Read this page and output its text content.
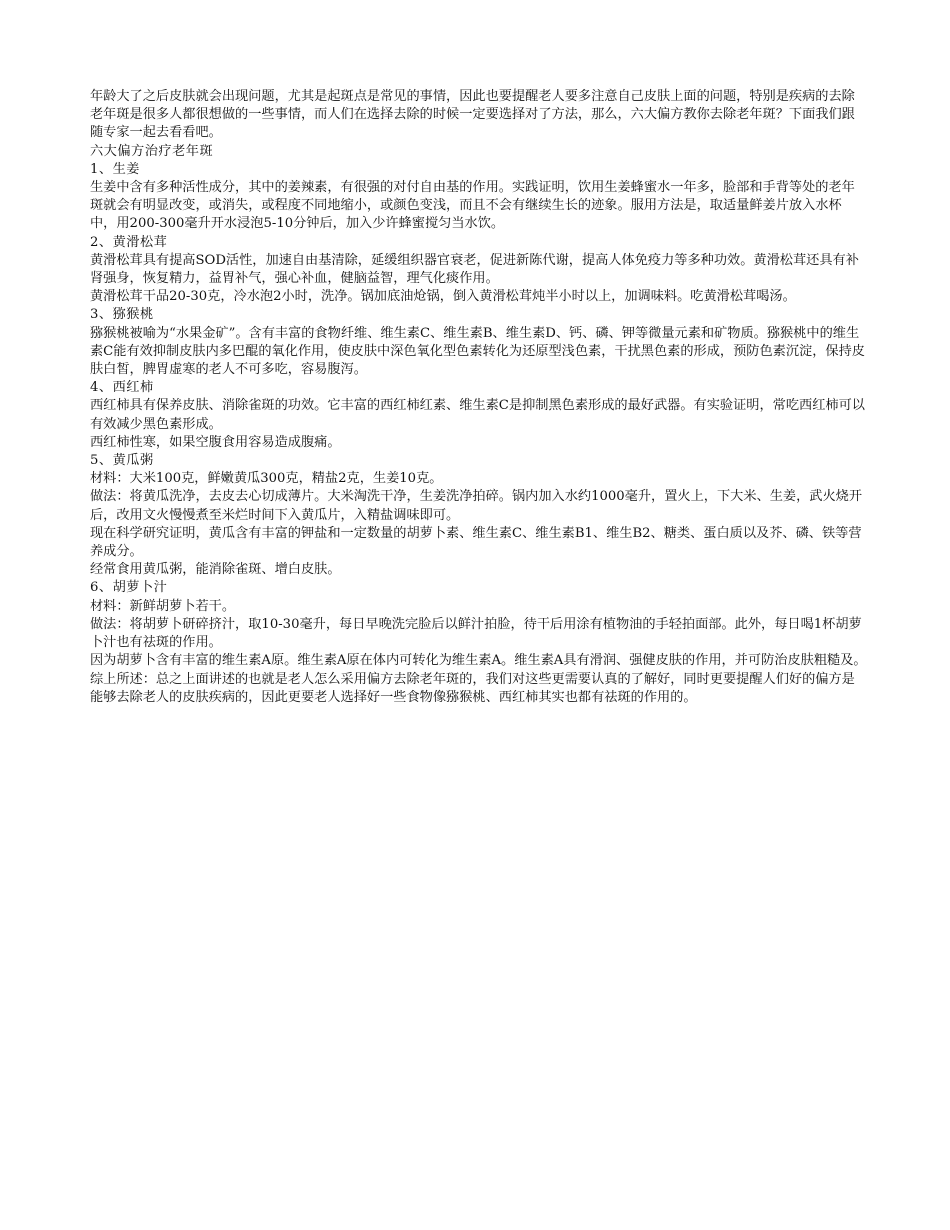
年龄大了之后皮肤就会出现问题，尤其是起斑点是常见的事情，因此也要提醒老人要多注意自己皮肤上面的问题，特别是疾病的去除老年斑是很多人都很想做的一些事情，而人们在选择去除的时候一定要选择对了方法，那么，六大偏方教你去除老年斑？下面我们跟随专家一起去看看吧。

六大偏方治疗老年斑

1、生姜

生姜中含有多种活性成分，其中的姜辣素，有很强的对付自由基的作用。实践证明，饮用生姜蜂蜜水一年多，脸部和手背等处的老年斑就会有明显改变，或消失，或程度不同地缩小，或颜色变浅，而且不会有继续生长的迹象。服用方法是，取适量鲜姜片放入水杯中，用200-300毫升开水浸泡5-10分钟后，加入少许蜂蜜搅匀当水饮。

2、黄滑松茸

黄滑松茸具有提高SOD活性，加速自由基清除，延缓组织器官衰老，促进新陈代谢，提高人体免疫力等多种功效。黄滑松茸还具有补肾强身，恢复精力，益胃补气，强心补血，健脑益智，理气化痰作用。

黄滑松茸干品20-30克，冷水泡2小时，洗净。锅加底油炝锅，倒入黄滑松茸炖半小时以上，加调味料。吃黄滑松茸喝汤。

3、猕猴桃

猕猴桃被喻为“水果金矿”。含有丰富的食物纤维、维生素C、维生素B、维生素D、钙、磷、钾等微量元素和矿物质。猕猴桃中的维生素C能有效抑制皮肤内多巴醌的氧化作用，使皮肤中深色氧化型色素转化为还原型浅色素，干扰黑色素的形成，预防色素沉淀，保持皮肤白皙，脾胃虚寒的老人不可多吃，容易腹泻。

4、西红柿

西红柿具有保养皮肤、消除雀斑的功效。它丰富的西红柿红素、维生素C是抑制黑色素形成的最好武器。有实验证明，常吃西红柿可以有效减少黑色素形成。

西红柿性寒，如果空腹食用容易造成腹痛。

5、黄瓜粥

材料：大米100克，鲜嫩黄瓜300克，精盐2克，生姜10克。

做法：将黄瓜洗净，去皮去心切成薄片。大米淘洗干净，生姜洗净拍碎。锅内加入水约1000毫升，置火上，下大米、生姜，武火烧开后，改用文火慢慢煮至米烂时间下入黄瓜片，入精盐调味即可。

现在科学研究证明，黄瓜含有丰富的钾盐和一定数量的胡萝卜素、维生素C、维生素B1、维生B2、糖类、蛋白质以及芥、磷、铁等营养成分。

经常食用黄瓜粥，能消除雀斑、增白皮肤。

6、胡萝卜汁

材料：新鲜胡萝卜若干。

做法：将胡萝卜研碎挤汁，取10-30毫升，每日早晚洗完脸后以鲜汁拍脸，待干后用涂有植物油的手轻拍面部。此外，每日喝1杯胡萝卜汁也有祛斑的作用。

因为胡萝卜含有丰富的维生素A原。维生素A原在体内可转化为维生素A。维生素A具有滑润、强健皮肤的作用，并可防治皮肤粗糙及。

综上所述：总之上面讲述的也就是老人怎么采用偏方去除老年斑的，我们对这些更需要认真的了解好，同时更要提醒人们好的偏方是能够去除老人的皮肤疾病的，因此更要老人选择好一些食物像猕猴桃、西红柿其实也都有祛斑的作用的。
